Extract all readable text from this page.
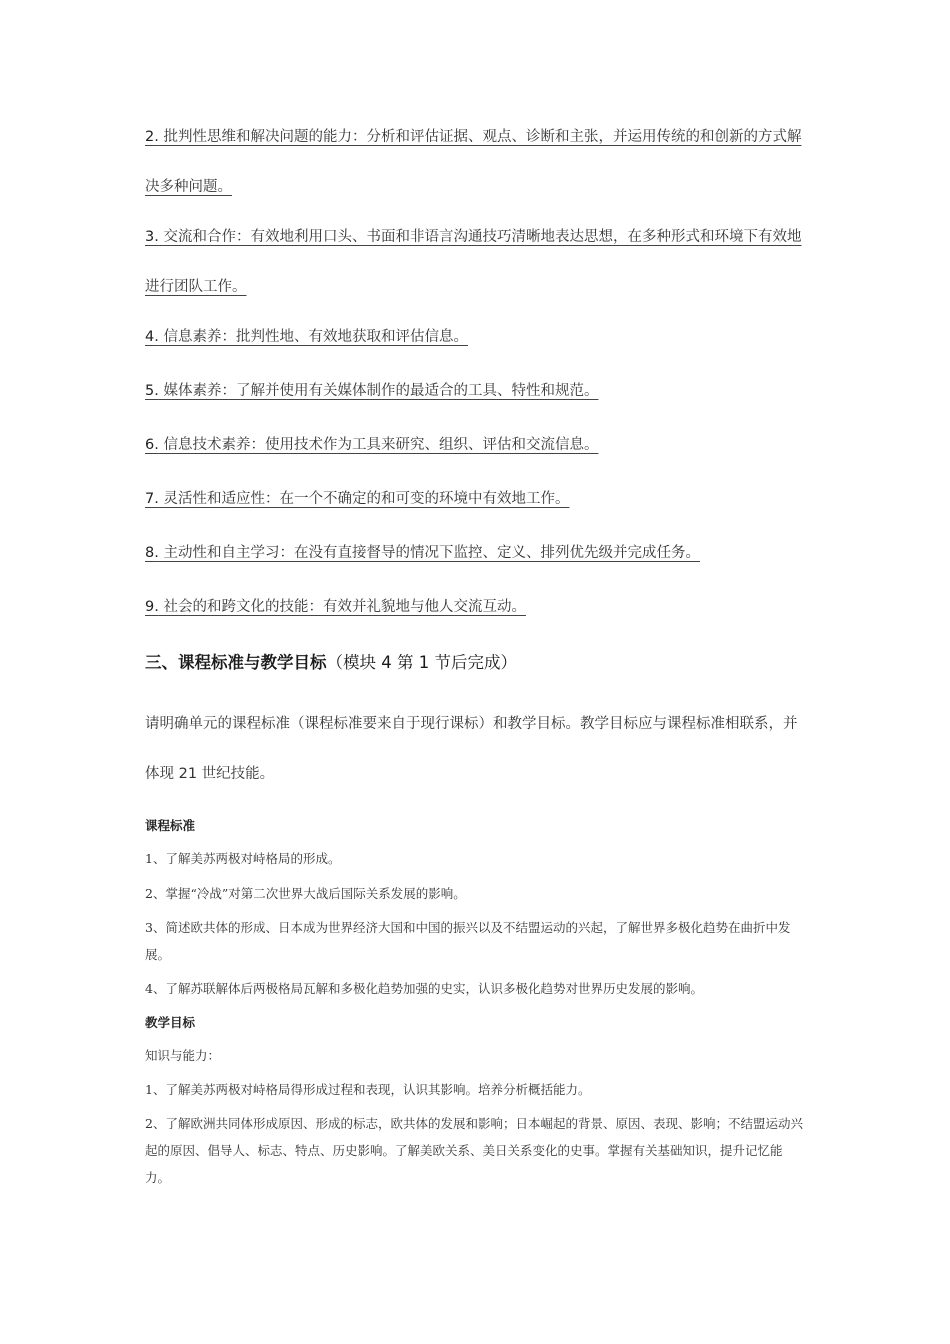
2. 批判性思维和解决问题的能力：分析和评估证据、观点、诊断和主张，并运用传统的和创新的方式解决多种问题。

3. 交流和合作：有效地利用口头、书面和非语言沟通技巧清晰地表达思想，在多种形式和环境下有效地进行团队工作。

4. 信息素养：批判性地、有效地获取和评估信息。

5. 媒体素养：了解并使用有关媒体制作的最适合的工具、特性和规范。

6. 信息技术素养：使用技术作为工具来研究、组织、评估和交流信息。

7. 灵活性和适应性：在一个不确定的和可变的环境中有效地工作。

8. 主动性和自主学习：在没有直接督导的情况下监控、定义、排列优先级并完成任务。

9. 社会的和跨文化的技能：有效并礼貌地与他人交流互动。

三、课程标准与教学目标（模块 4 第 1 节后完成）

请明确单元的课程标准（课程标准要来自于现行课标）和教学目标。教学目标应与课程标准相联系，并体现 21 世纪技能。

课程标准

1、了解美苏两极对峙格局的形成。

2、掌握“冷战”对第二次世界大战后国际关系发展的影响。

3、简述欧共体的形成、日本成为世界经济大国和中国的振兴以及不结盟运动的兴起，了解世界多极化趋势在曲折中发展。

4、了解苏联解体后两极格局瓦解和多极化趋势加强的史实，认识多极化趋势对世界历史发展的影响。

教学目标

知识与能力：

1、了解美苏两极对峙格局得形成过程和表现，认识其影响。培养分析概括能力。

2、了解欧洲共同体形成原因、形成的标志，欧共体的发展和影响；日本崛起的背景、原因、表现、影响；不结盟运动兴起的原因、倡导人、标志、特点、历史影响。了解美欧关系、美日关系变化的史事。掌握有关基础知识，提升记忆能力。
